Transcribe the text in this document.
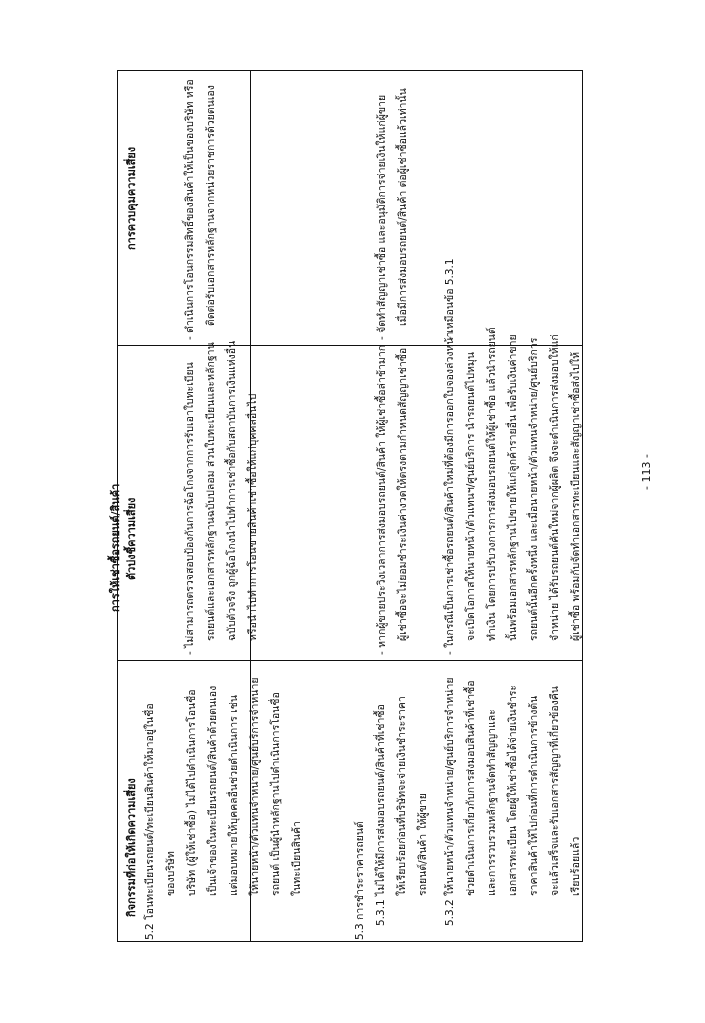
การให้เช่าซื้อรถยนต์/สินค้า
กิจกรรมที่ก่อให้เกิดความเสี่ยง
ตัวบ่งชี้ความเสี่ยง
การควบคุมความเสี่ยง
5.2 โอนทะเบียนรถยนต์/ทะเบียนสินค้าให้มาอยู่ในชื่อ ของบริษัท บริษัท (ผู้ให้เช่าซื้อ) ไม่ได้ไปดำเนินการโอนชื่อ เป็นเจ้าของในทะเบียนรถยนต์/สินค้าด้วยตนเอง แต่มอบหมายให้บุคคลอื่นช่วยดำเนินการ เช่น ให้นายหน้า/ตัวแทนจำหน่าย/ศูนย์บริการจำหน่าย รถยนต์ เป็นผู้นำหลักฐานไปดำเนินการโอนชื่อ ในทะเบียนสินค้า
- ไม่สามารถตรวจสอบป้องกันการฉ้อโกงจากการรับเอาใบทะเบียน รถยนต์และเอกสารหลักฐานฉบับปลอม ส่วนใบทะเบียนและหลักฐาน ฉบับตัวจริง ถูกผู้ฉ้อโกงนำไปทำการเช่าซื้อกับสถาบันการเงินแห่งอื่น หรือนำไปทำการโอนขายสินค้าเช่าซื้อให้แก่บุคคลอื่นไป
- ดำเนินการโอนกรรมสิทธิ์ของสินค้าให้เป็นของบริษัท หรือ ติดต่อรับเอกสารหลักฐานจากหน่วยราชการด้วยตนเอง
5.3 การชำระราคารถยนต์ 5.3.1 ไม่ได้ให้มีการส่งมอบรถยนต์/สินค้าที่เช่าซื้อ ให้เรียบร้อยก่อนที่บริษัทจะจ่ายเงินชำระราคา รถยนต์/สินค้า ให้ผู้ขาย
- หากผู้ขายประวิงเวลาการส่งมอบรถยนต์/สินค้า ให้ผู้เช่าซื้อล่าช้ามาก ผู้เช่าซื้อจะไม่ยอมชำระเงินค่างวดให้ตรงตามกำหนดสัญญาเช่าซื้อ
- จัดทำสัญญาเช่าซื้อ และอนุมัติการจ่ายเงินให้แก่ผู้ขาย เมื่อมีการส่งมอบรถยนต์/สินค้า ต่อผู้เช่าซื้อแล้วเท่านั้น
5.3.2 ให้นายหน้า/ตัวแทนจำหน่าย/ศูนย์บริการจำหน่าย ช่วยดำเนินการเกี่ยวกับการส่งมอบสินค้าที่เช่าซื้อ และการรวบรวมหลักฐานจัดทำสัญญาและ เอกสารทะเบียน โดยผู้ให้เช่าซื้อได้จ่ายเงินชำระ ราคาสินค้าให้ไปก่อนที่การดำเนินการข้างต้น จะแล้วเสร็จและรับเอกสารสัญญาที่เกี่ยวข้องคืน เรียบร้อยแล้ว
- ในกรณีเป็นการเช่าซื้อรถยนต์/สินค้าใหม่ที่ต้องมีการออกใบจองล่วงหน้า จะเปิดโอกาสให้นายหน้า/ตัวแทนฯ/ศูนย์บริการ นำรถยนต์ไปหมุน ทำเงิน โดยการปรับวงการการส่งมอบรถยนต์ให้ผู้เช่าซื้อ แล้วนำรถยนต์ นั้นพร้อมเอกสารหลักฐานไปขายให้แก่ลูกค้ารายอื่น เพื่อรับเงินค่าขาย รถยนต์นั้นอีกครั้งหนึ่ง และเมื่อนายหน้า/ตัวแทนจำหน่าย/ศูนย์บริการ จำหน่าย ได้รับรถยนต์คันใหม่จากผู้ผลิต จึงจะดำเนินการส่งมอบให้แก่ ผู้เช่าซื้อ พร้อมกับจัดทำเอกสารทะเบียนและสัญญาเช่าซื้อส่งไปให้
- เหมือนข้อ 5.3.1
- 113 -
